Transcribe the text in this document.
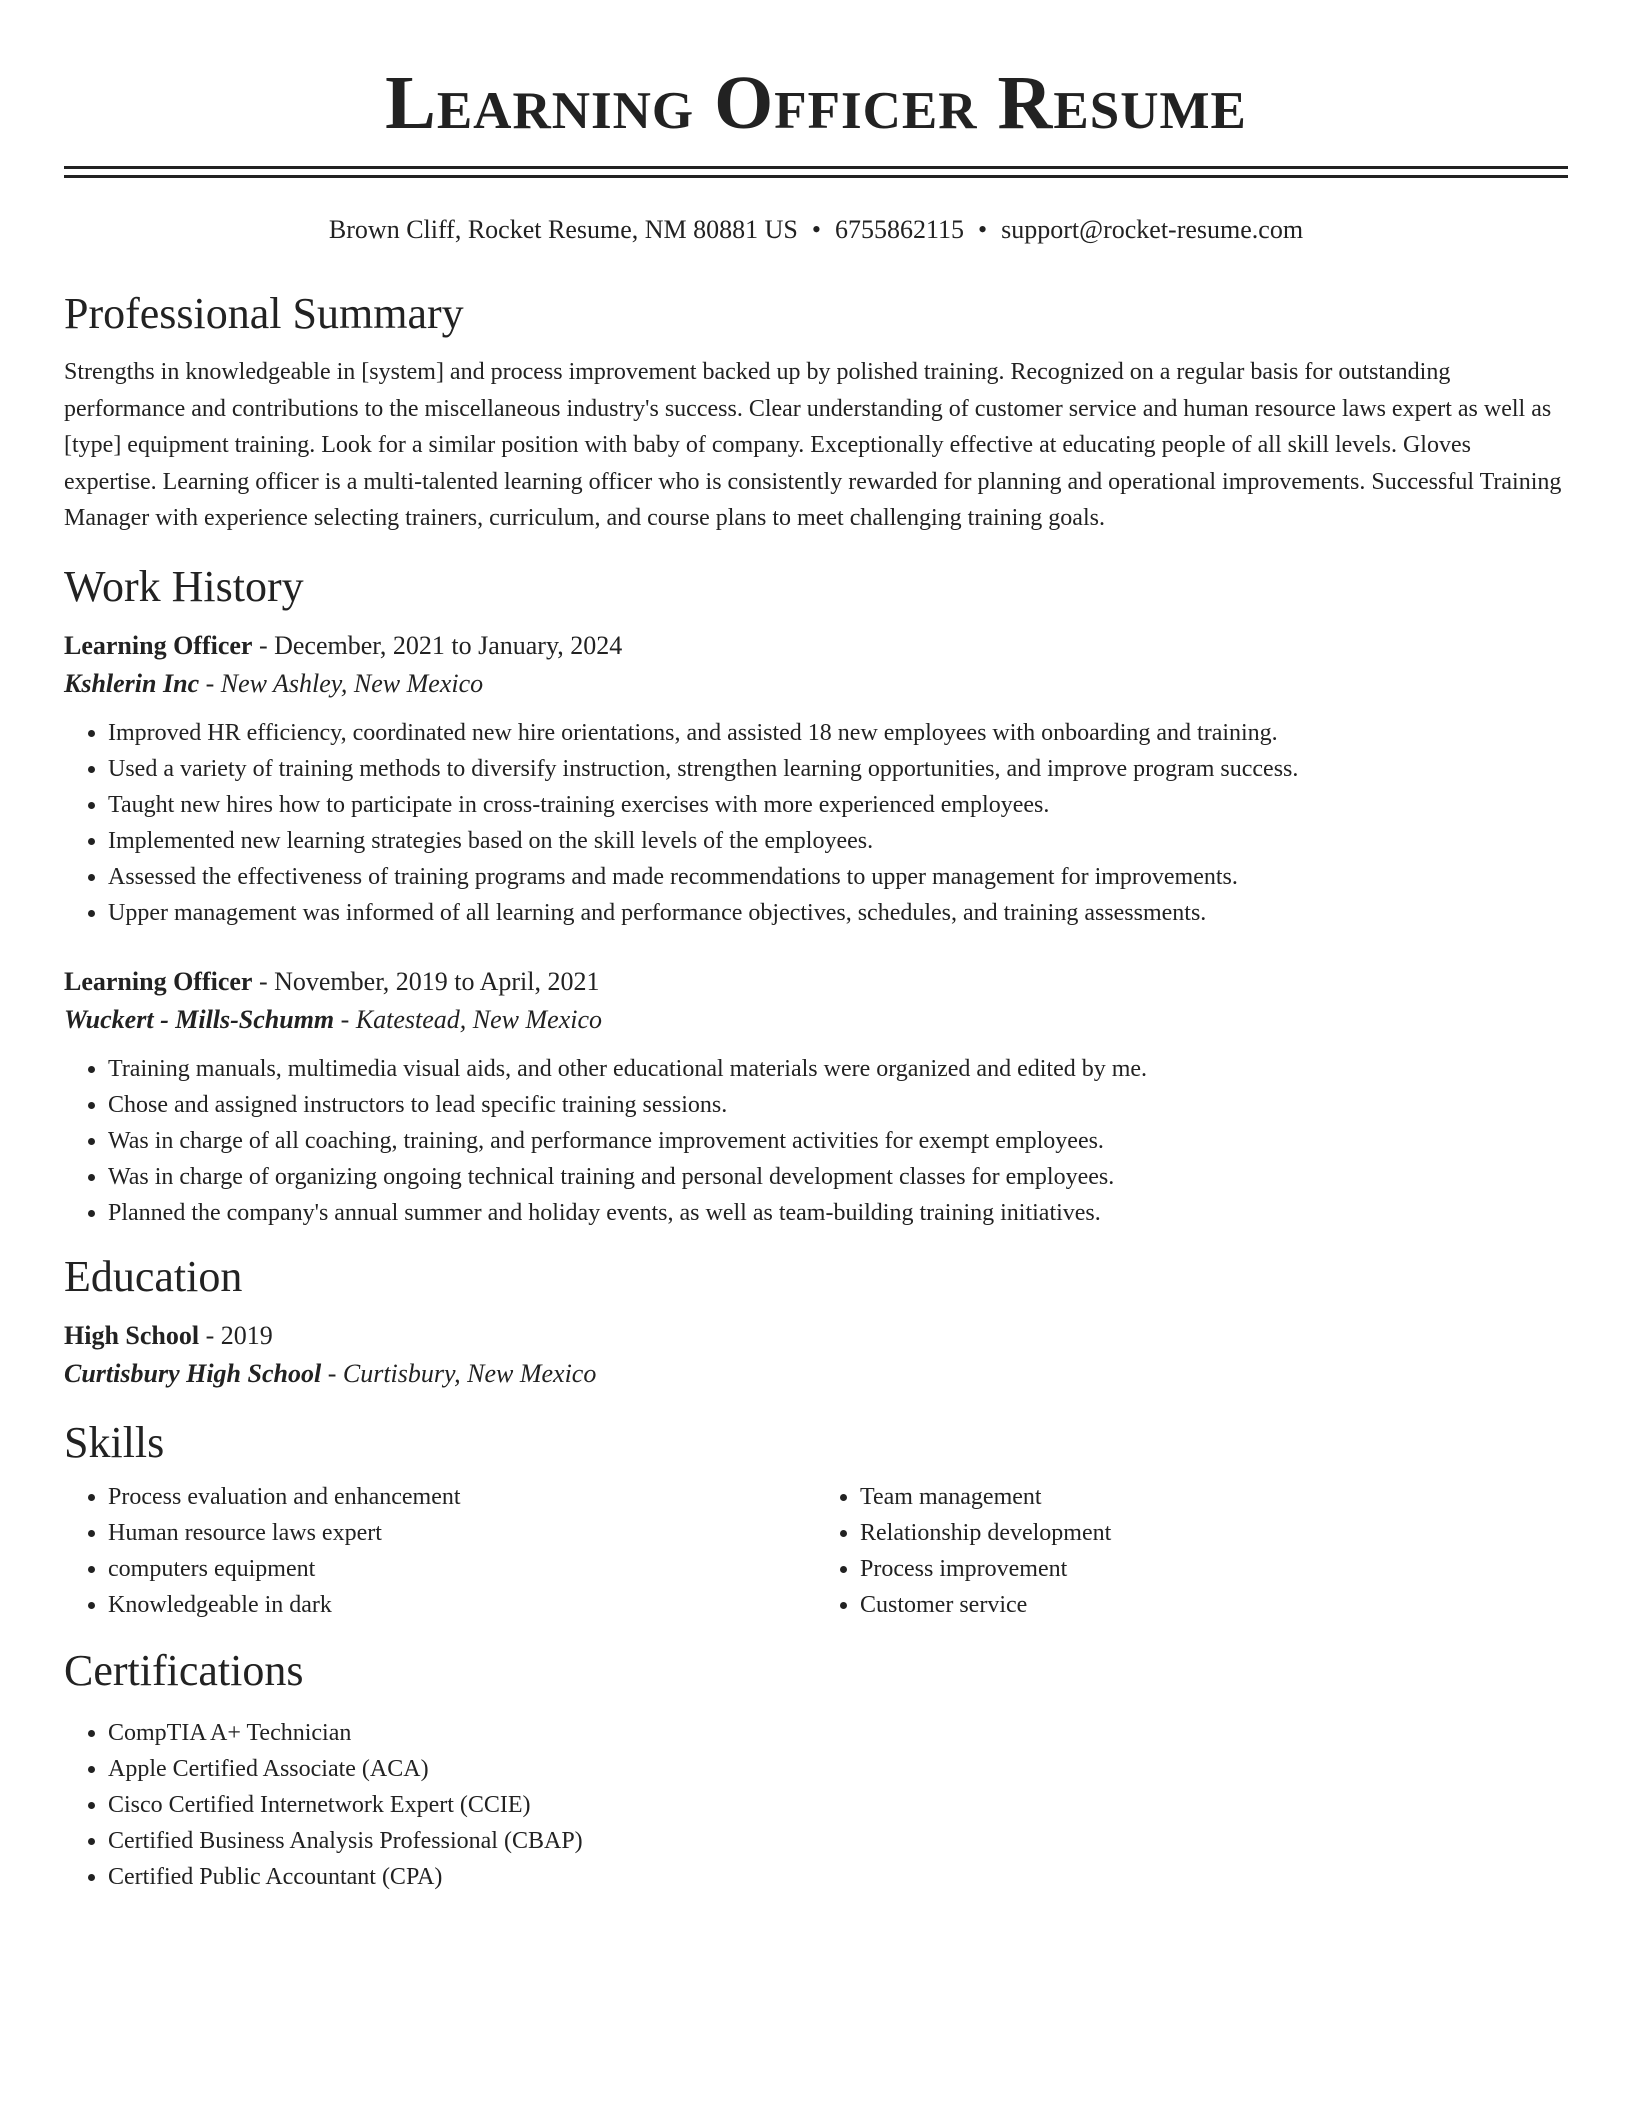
Learning Officer Resume
Brown Cliff, Rocket Resume, NM 80881 US • 6755862115 • support@rocket-resume.com
Professional Summary

Strengths in knowledgeable in [system] and process improvement backed up by polished training. Recognized on a regular basis for outstanding performance and contributions to the miscellaneous industry's success. Clear understanding of customer service and human resource laws expert as well as [type] equipment training. Look for a similar position with baby of company. Exceptionally effective at educating people of all skill levels. Gloves expertise. Learning officer is a multi-talented learning officer who is consistently rewarded for planning and operational improvements. Successful Training Manager with experience selecting trainers, curriculum, and course plans to meet challenging training goals.

Work History
Learning Officer - December, 2021 to January, 2024
Kshlerin Inc - New Ashley, New Mexico
• Improved HR efficiency, coordinated new hire orientations, and assisted 18 new employees with onboarding and training.
• Used a variety of training methods to diversify instruction, strengthen learning opportunities, and improve program success.
• Taught new hires how to participate in cross-training exercises with more experienced employees.
• Implemented new learning strategies based on the skill levels of the employees.
• Assessed the effectiveness of training programs and made recommendations to upper management for improvements.
• Upper management was informed of all learning and performance objectives, schedules, and training assessments.
Learning Officer - November, 2019 to April, 2021
Wuckert - Mills-Schumm - Katestead, New Mexico
• Training manuals, multimedia visual aids, and other educational materials were organized and edited by me.
• Chose and assigned instructors to lead specific training sessions.
• Was in charge of all coaching, training, and performance improvement activities for exempt employees.
• Was in charge of organizing ongoing technical training and personal development classes for employees.
• Planned the company's annual summer and holiday events, as well as team-building training initiatives.
Education
High School - 2019
Curtisbury High School - Curtisbury, New Mexico
Skills
• Process evaluation and enhancement
• Human resource laws expert
• computers equipment
• Knowledgeable in dark
• Team management
• Relationship development
• Process improvement
• Customer service
Certifications
• CompTIA A+ Technician
• Apple Certified Associate (ACA)
• Cisco Certified Internetwork Expert (CCIE)
• Certified Business Analysis Professional (CBAP)
• Certified Public Accountant (CPA)
